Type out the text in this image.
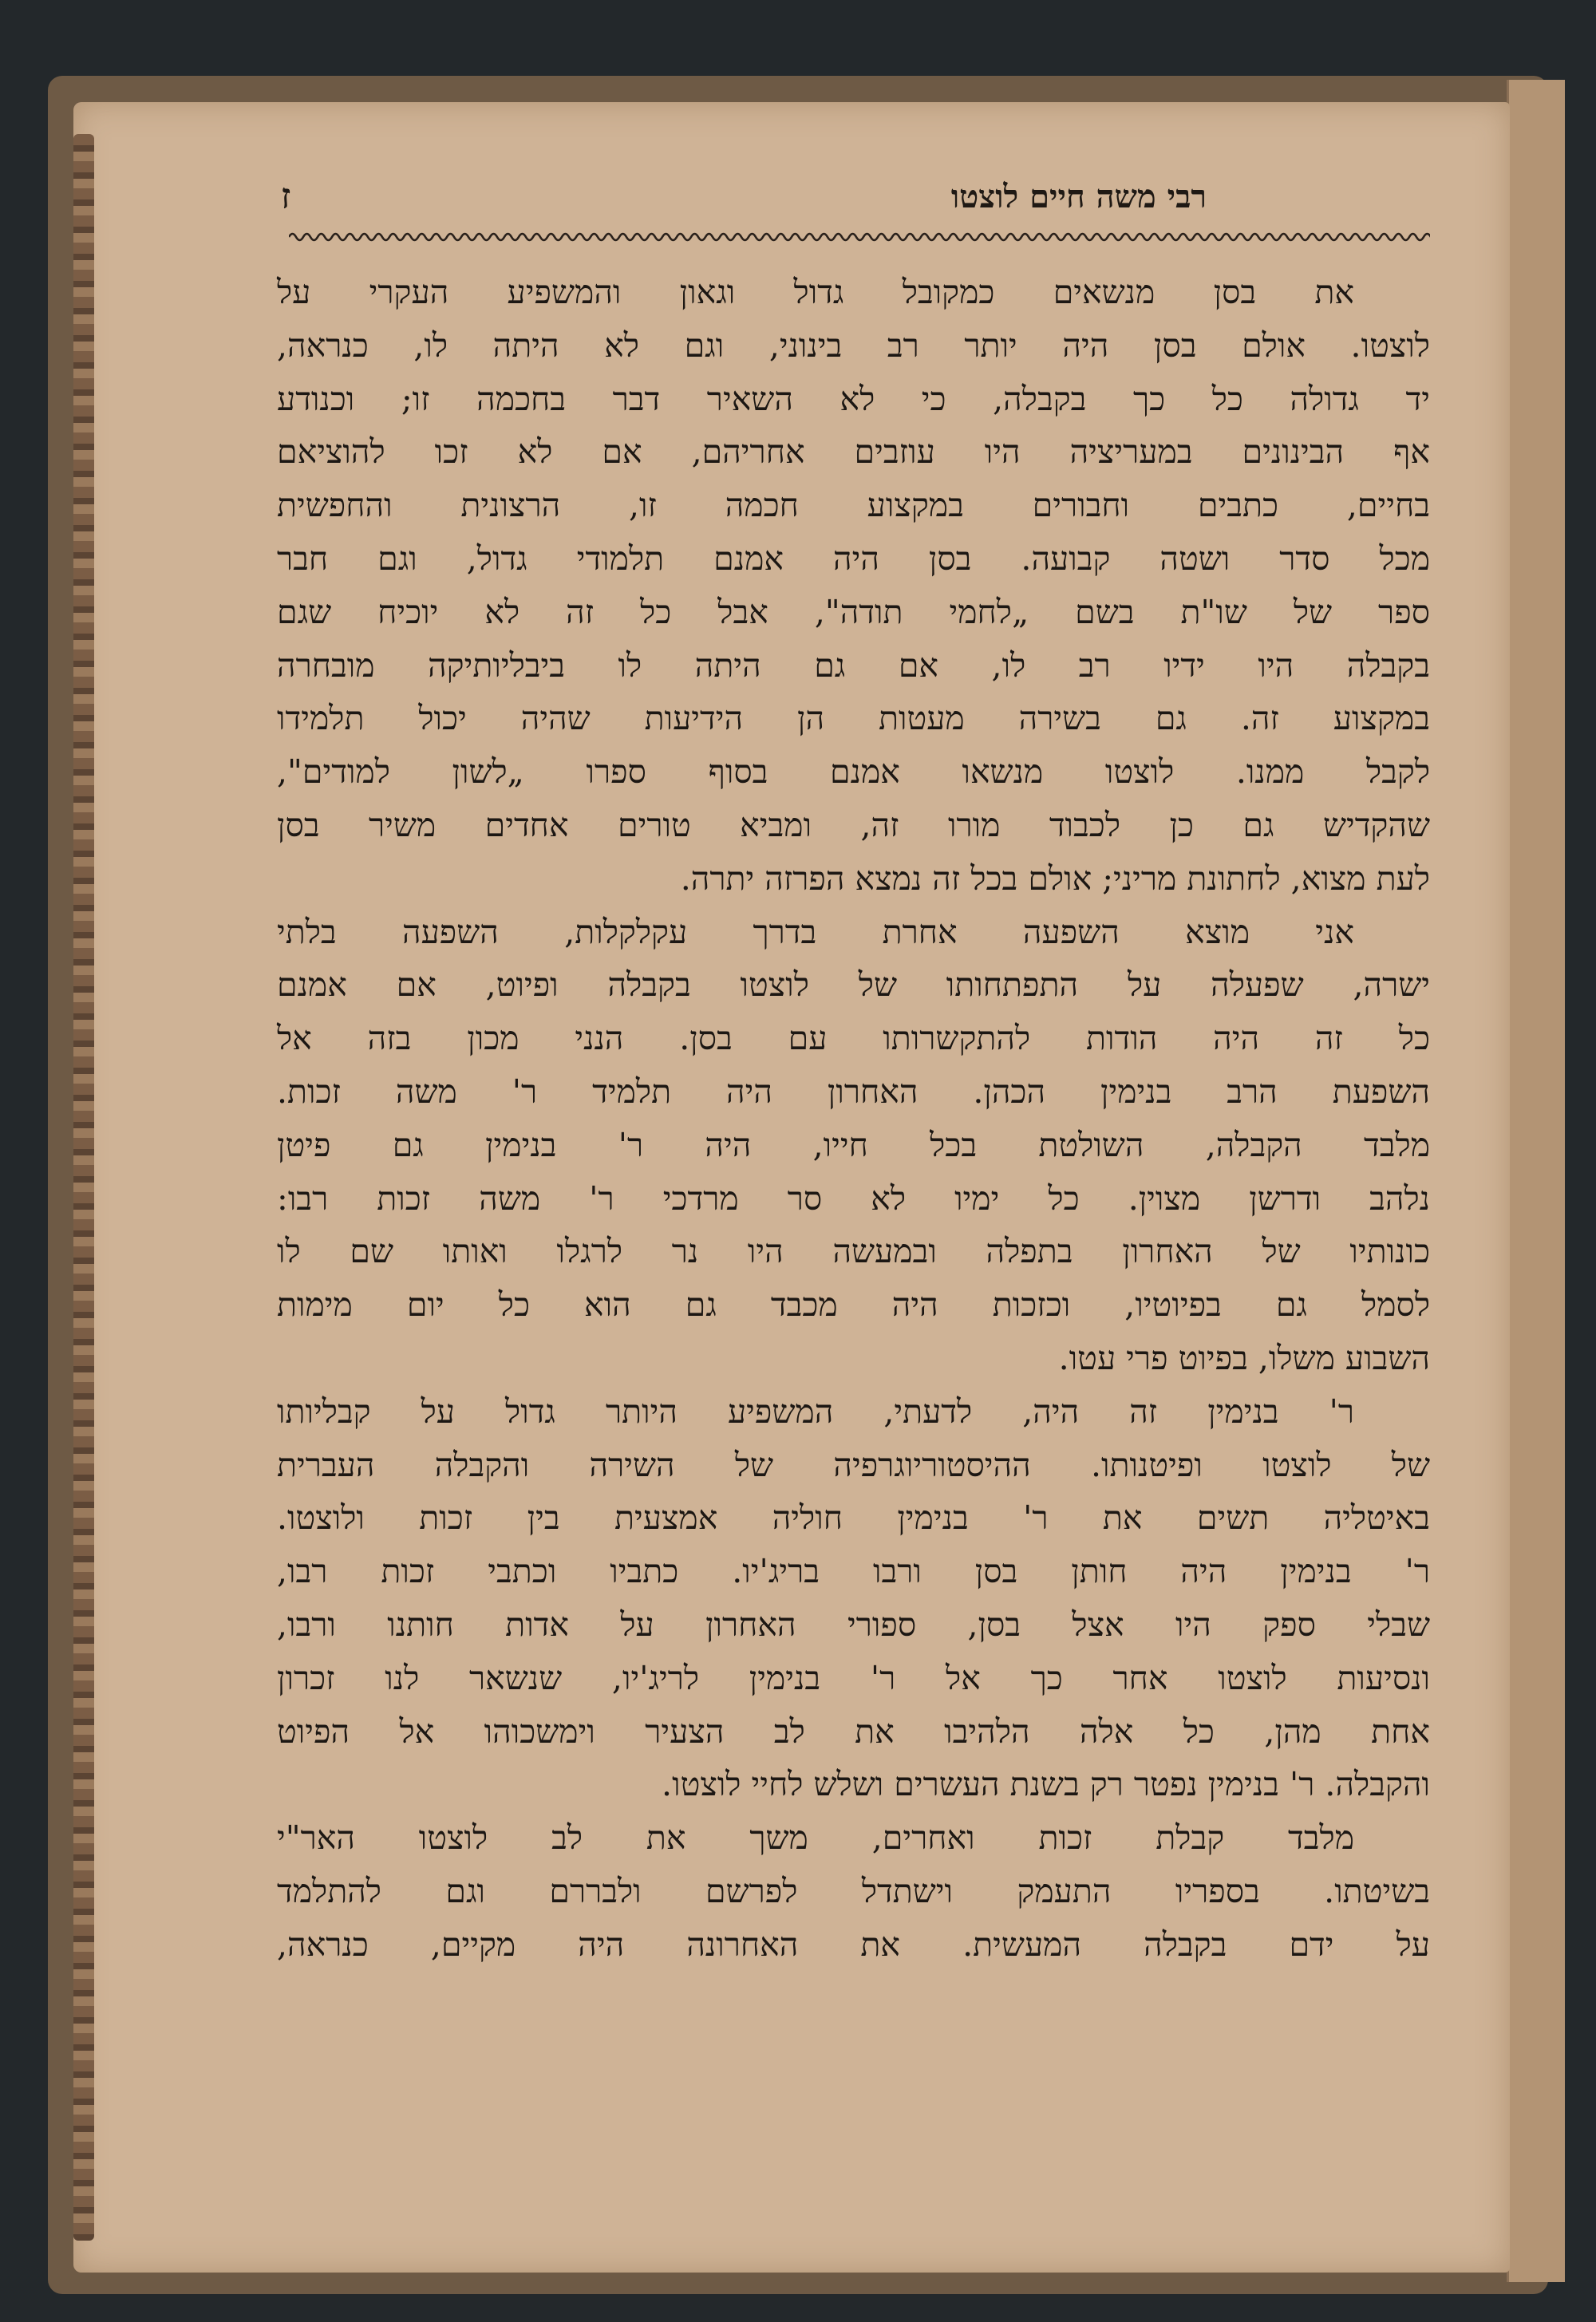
רבי משה חיים לוצטו
ז
את בסן מנשאים כמקובל גדול וגאון והמשפיע העקרי על
לוצטו. אולם בסן היה יותר רב בינוני, וגם לא היתה לו, כנראה,
יד גדולה כל כך בקבלה, כי לא השאיר דבר בחכמה זו; וכנודע
אף הבינונים במעריציה היו עוזבים אחריהם, אם לא זכו להוציאם
בחיים, כתבים וחבורים במקצוע חכמה זו, הרצונית והחפשית
מכל סדר ושטה קבועה. בסן היה אמנם תלמודי גדול, וגם חבר
ספר של שו"ת בשם „לחמי תודה", אבל כל זה לא יוכיח שגם
בקבלה היו ידיו רב לו, אם גם היתה לו ביבליותיקה מובחרה
במקצוע זה. גם בשירה מעטות הן הידיעות שהיה יכול תלמידו
לקבל ממנו. לוצטו מנשאו אמנם בסוף ספרו „לשון למודים",
שהקדיש גם כן לכבוד מורו זה, ומביא טורים אחדים משיר בסן
לעת מצוא, לחתונת מריני; אולם בכל זה נמצא הפרזה יתרה.
אני מוצא השפעה אחרת בדרך עקלקלות, השפעה בלתי
ישרה, שפעלה על התפתחותו של לוצטו בקבלה ופיוט, אם אמנם
כל זה היה הודות להתקשרותו עם בסן. הנני מכון בזה אל
השפעת הרב בנימין הכהן. האחרון היה תלמיד ר' משה זכות.
מלבד הקבלה, השולטת בכל חייו, היה ר' בנימין גם פיטן
נלהב ודרשן מצוין. כל ימיו לא סר מרדכי ר' משה זכות רבו:
כונותיו של האחרון בתפלה ובמעשה היו נר לרגלו ואותו שם לו
לסמל גם בפיוטיו, וכזכות היה מכבד גם הוא כל יום מימות
השבוע משלו, בפיוט פרי עטו.
ר' בנימין זה היה, לדעתי, המשפיע היותר גדול על קבליותו
של לוצטו ופיטנותו. ההיסטוריוגרפיה של השירה והקבלה העברית
באיטליה תשים את ר' בנימין חוליה אמצעית בין זכות ולוצטו.
ר' בנימין היה חותן בסן ורבו בריג'יו. כתביו וכתבי זכות רבו,
שבלי ספק היו אצל בסן, ספורי האחרון על אדות חותנו ורבו,
ונסיעות לוצטו אחר כך אל ר' בנימין לריג'יו, שנשאר לנו זכרון
אחת מהן, כל אלה הלהיבו את לב הצעיר וימשכוהו אל הפיוט
והקבלה. ר' בנימין נפטר רק בשנת העשרים ושלש לחיי לוצטו.
מלבד קבלת זכות ואחרים, משך את לב לוצטו האר"י
בשיטתו. בספריו התעמק וישתדל לפרשם ולבררם וגם להתלמד
על ידם בקבלה המעשית. את האחרונה היה מקיים, כנראה,
